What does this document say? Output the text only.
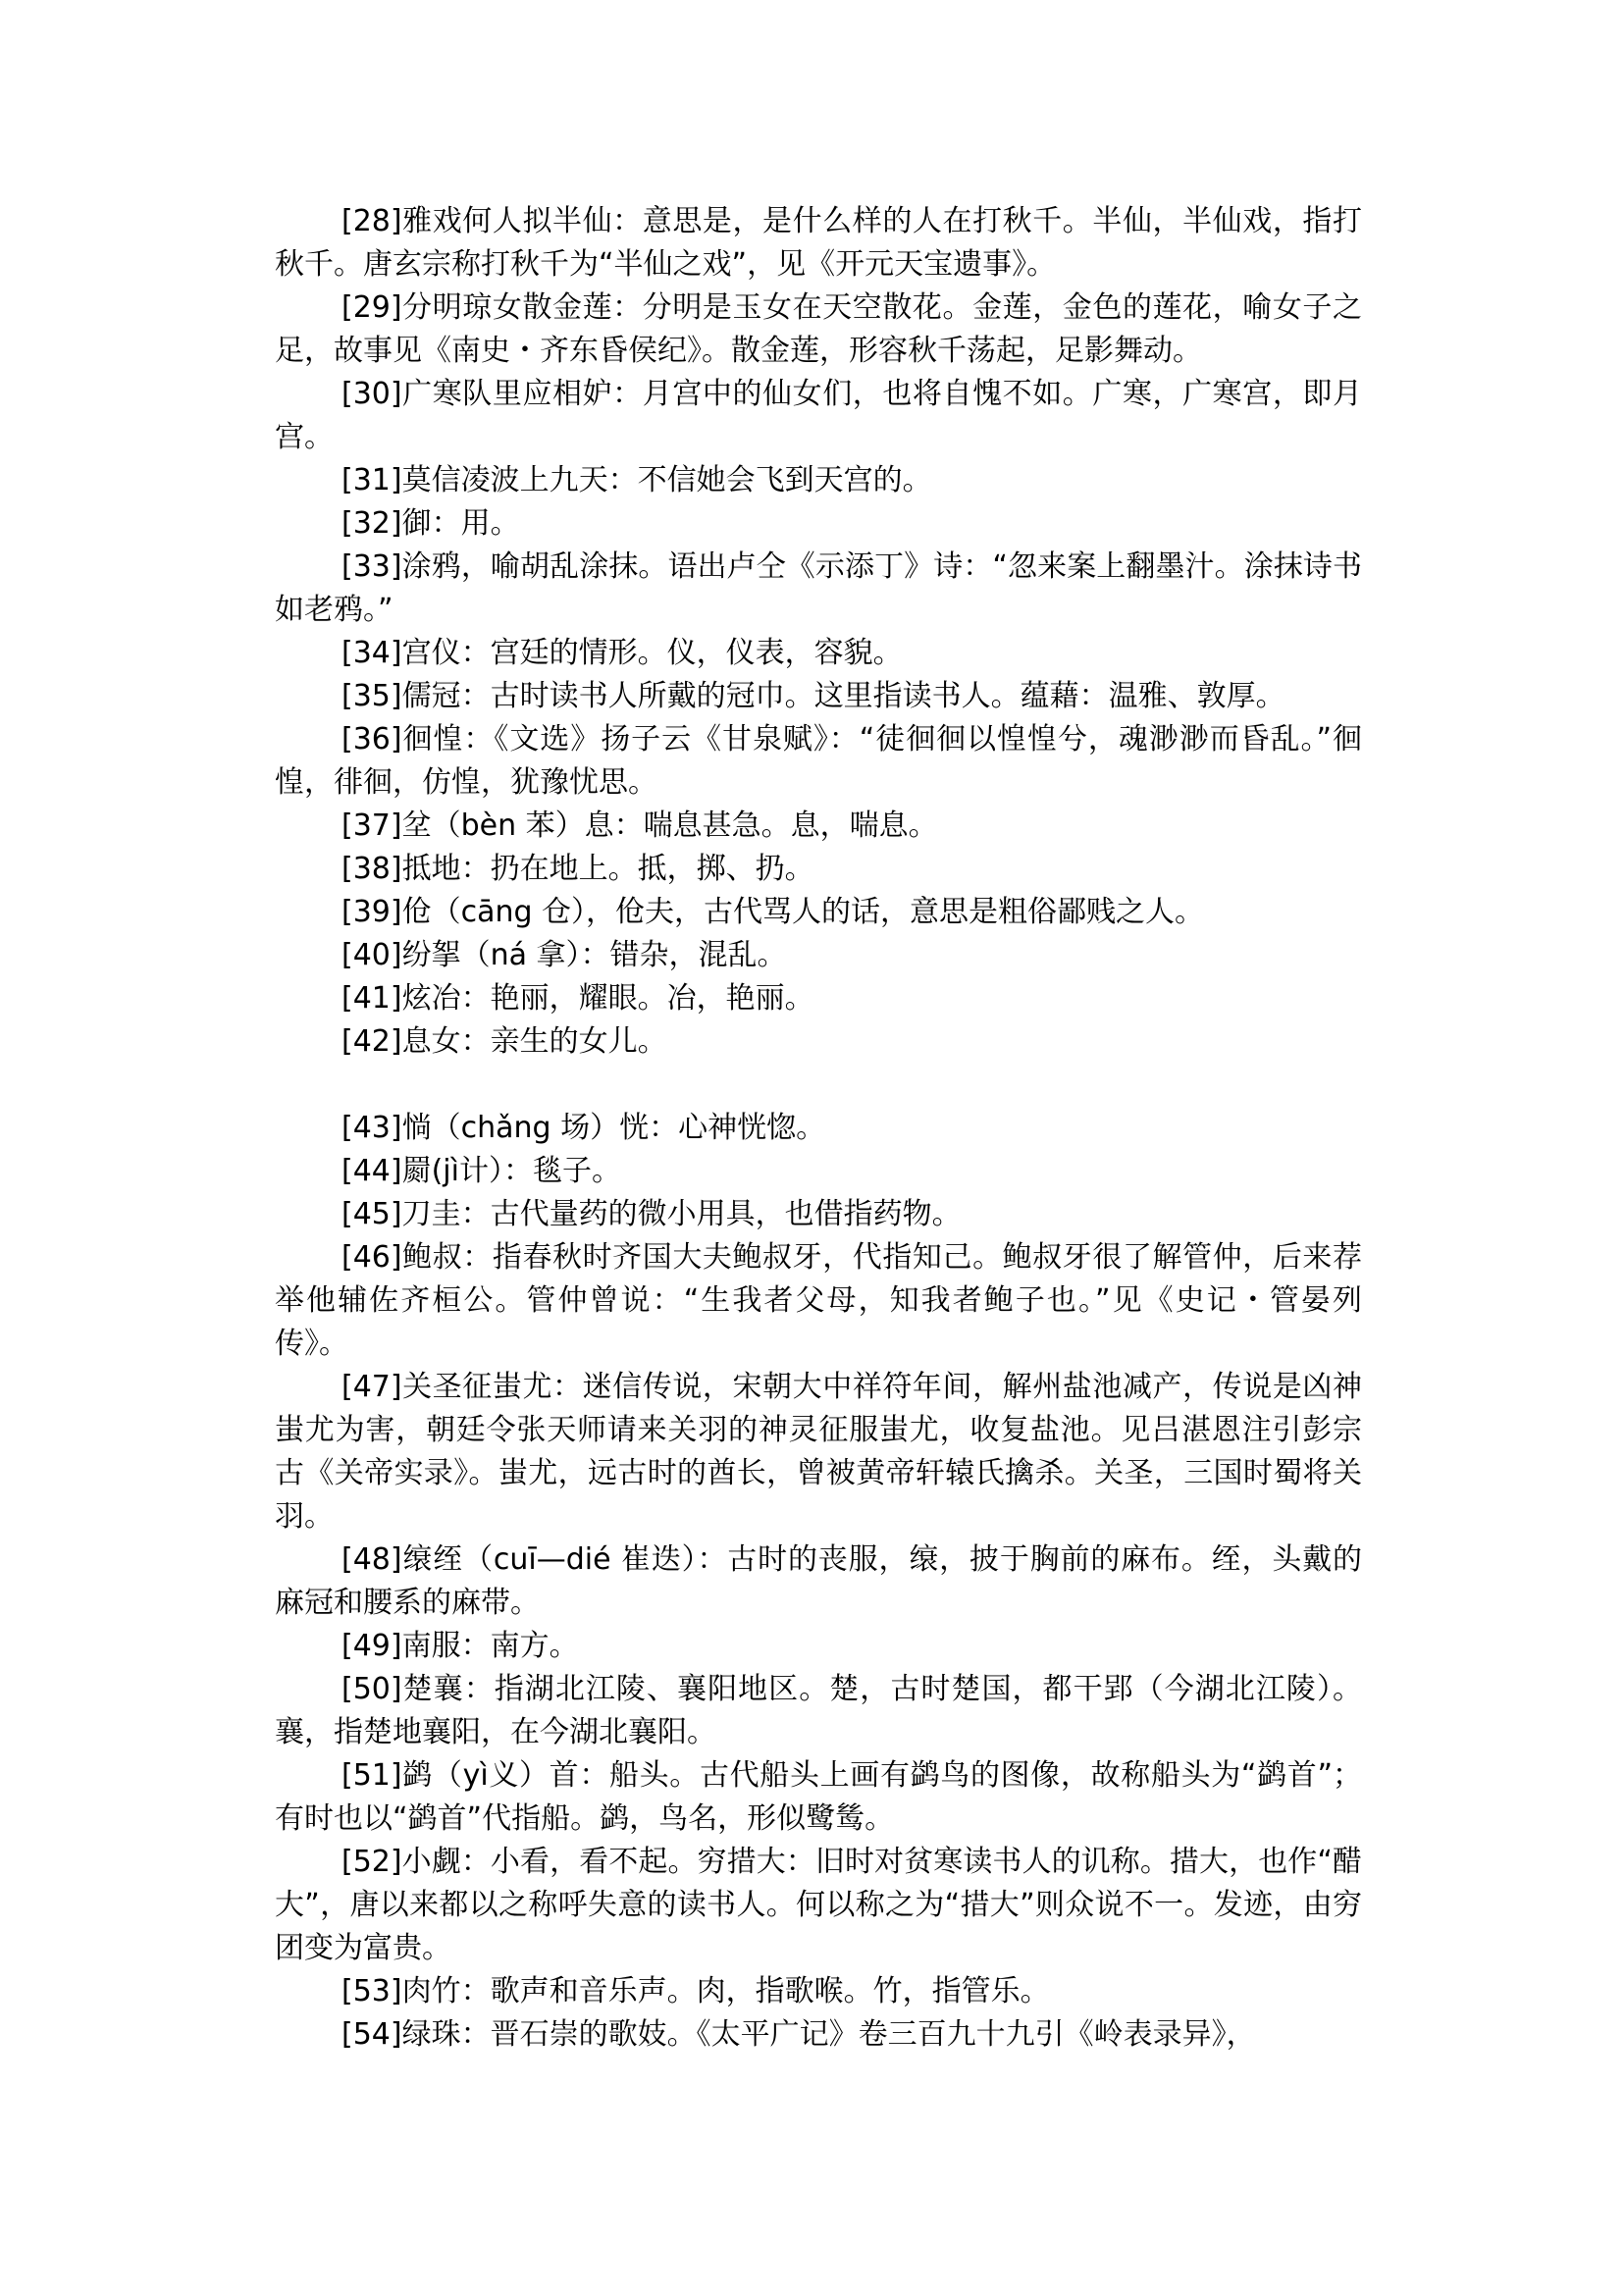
[28]雅戏何人拟半仙：意思是，是什么样的人在打秋千。半仙，半仙戏，指打秋千。唐玄宗称打秋千为“半仙之戏”，见《开元天宝遗事》。

[29]分明琼女散金莲：分明是玉女在天空散花。金莲，金色的莲花，喻女子之足，故事见《南史・齐东昏侯纪》。散金莲，形容秋千荡起，足影舞动。

[30]广寒队里应相妒：月宫中的仙女们，也将自愧不如。广寒，广寒宫，即月宫。

[31]莫信凌波上九天：不信她会飞到天宫的。

[32]御：用。

[33]涂鸦，喻胡乱涂抹。语出卢仝《示添丁》诗：“忽来案上翻墨汁。涂抹诗书如老鸦。”

[34]宫仪：宫廷的情形。仪，仪表，容貌。

[35]儒冠：古时读书人所戴的冠巾。这里指读书人。蕴藉：温雅、敦厚。

[36]徊惶：《文选》扬子云《甘泉赋》：“徒徊徊以惶惶兮，魂渺渺而昏乱。”徊惶，徘徊，仿惶，犹豫忧思。

[37]坌（bèn 苯）息：喘息甚急。息，喘息。

[38]抵地：扔在地上。抵，掷、扔。

[39]伧（cāng 仓），伧夫，古代骂人的话，意思是粗俗鄙贱之人。

[40]纷挐（ná 拿）：错杂，混乱。

[41]炫冶：艳丽，耀眼。冶，艳丽。

[42]息女：亲生的女儿。

[43]惝（chǎng 场）恍：心神恍惚。

[44]罽(jì计）：毯子。

[45]刀圭：古代量药的微小用具，也借指药物。

[46]鲍叔：指春秋时齐国大夫鲍叔牙，代指知己。鲍叔牙很了解管仲，后来荐举他辅佐齐桓公。管仲曾说：“生我者父母，知我者鲍子也。”见《史记・管晏列传》。

[47]关圣征蚩尤：迷信传说，宋朝大中祥符年间，解州盐池减产，传说是凶神蚩尤为害，朝廷令张天师请来关羽的神灵征服蚩尤，收复盐池。见吕湛恩注引彭宗古《关帝实录》。蚩尤，远古时的酋长，曾被黄帝轩辕氏擒杀。关圣，三国时蜀将关羽。

[48]缞绖（cuī—dié 崔迭）：古时的丧服，缞，披于胸前的麻布。绖，头戴的麻冠和腰系的麻带。

[49]南服：南方。

[50]楚襄：指湖北江陵、襄阳地区。楚，古时楚国，都干郢（今湖北江陵）。襄，指楚地襄阳，在今湖北襄阳。

[51]鹢（yì义）首：船头。古代船头上画有鹢鸟的图像，故称船头为“鹢首”；有时也以“鹢首”代指船。鹢，鸟名，形似鹭鸶。

[52]小觑：小看，看不起。穷措大：旧时对贫寒读书人的讥称。措大，也作“醋大”，唐以来都以之称呼失意的读书人。何以称之为“措大”则众说不一。发迹，由穷团变为富贵。

[53]肉竹：歌声和音乐声。肉，指歌喉。竹，指管乐。

[54]绿珠：晋石崇的歌妓。《太平广记》卷三百九十九引《岭表录异》，
